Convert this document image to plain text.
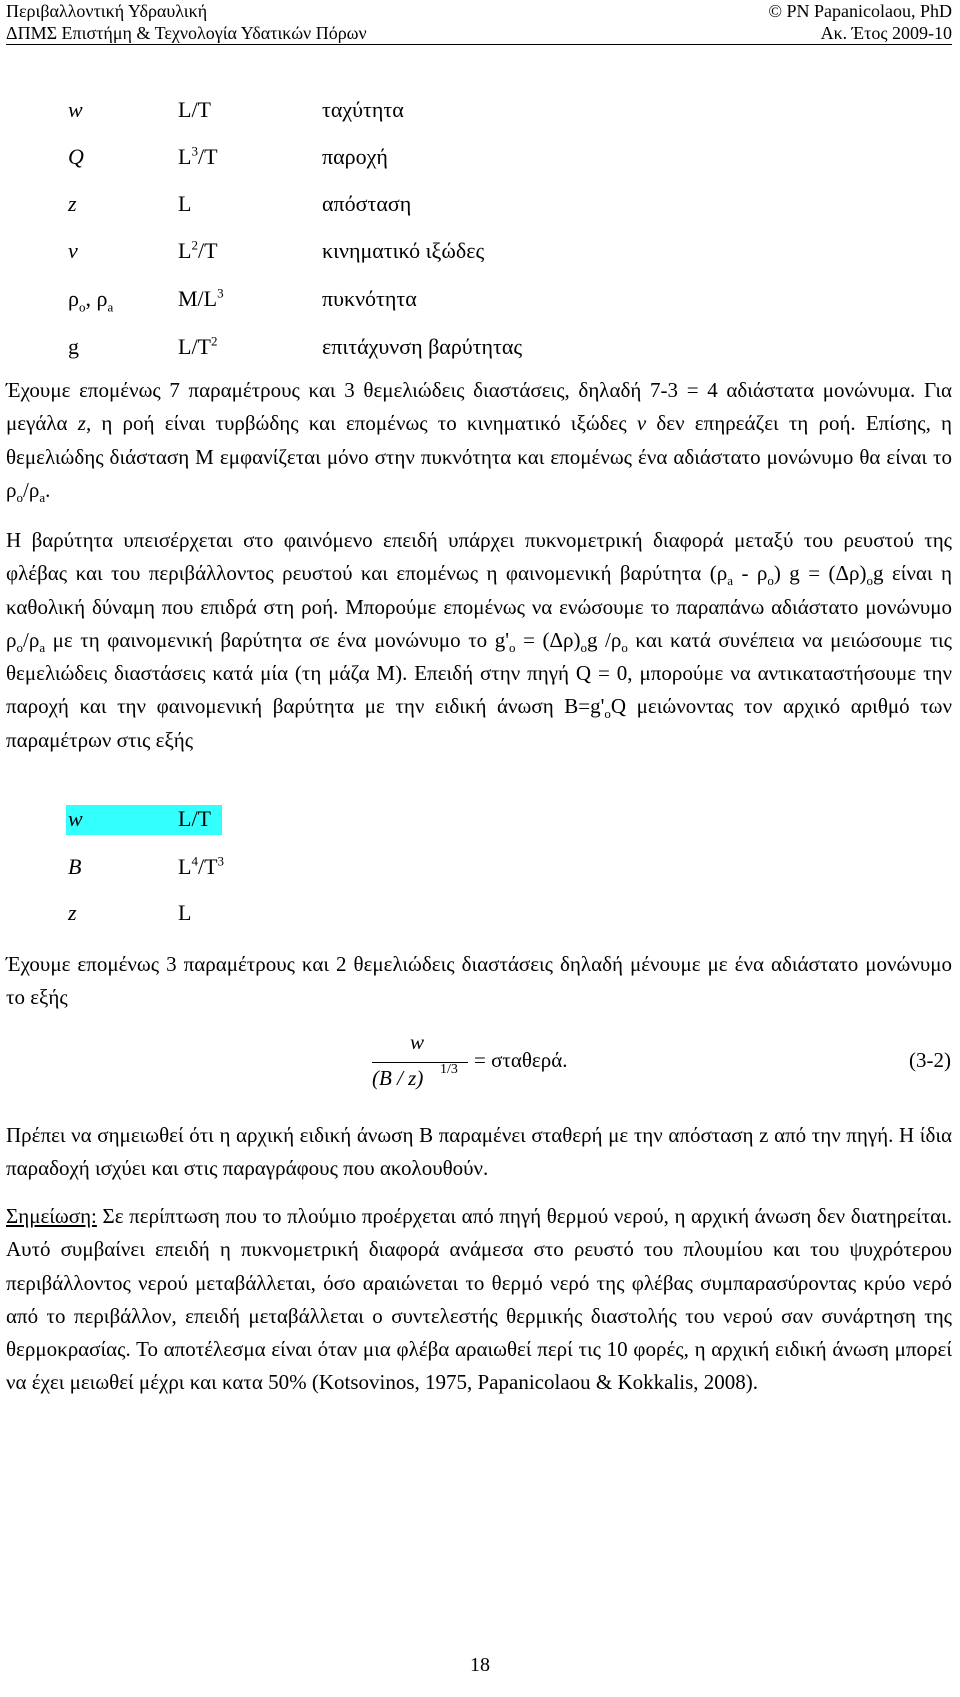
Περιβαλλοντική Υδραυλική
ΔΠΜΣ Επιστήμη & Τεχνολογία Υδατικών Πόρων
© PN Papanicolaou, PhD
Ακ. Έτος 2009-10
w	L/T	ταχύτητα
Q	$L^3/T$	παροχή
z	L	απόσταση
ν	$L^2/T$	κινηματικό ιξώδες
$\rho_o$, $\rho_a$	$M/L^3$	πυκνότητα
g	$L/T^2$	επιτάχυνση βαρύτητας

Έχουμε επομένως 7 παραμέτρους και 3 θεμελιώδεις διαστάσεις, δηλαδή 7-3 = 4 αδιάστατα μονώνυμα. Για μεγάλα z, η ροή είναι τυρβώδης και επομένως το κινηματικό ιξώδες ν δεν επηρεάζει τη ροή. Επίσης, η θεμελιώδης διάσταση Μ εμφανίζεται μόνο στην πυκνότητα και επομένως ένα αδιάστατο μονώνυμο θα είναι το $\rho_o/\rho_a$.

Η βαρύτητα υπεισέρχεται στο φαινόμενο επειδή υπάρχει πυκνομετρική διαφορά μεταξύ του ρευστού της φλέβας και του περιβάλλοντος ρευστού και επομένως η φαινομενική βαρύτητα $(\rho_a - \rho_o) g = (\Delta\rho)_og$ είναι η καθολική δύναμη που επιδρά στη ροή. Μπορούμε επομένως να ενώσουμε το παραπάνω αδιάστατο μονώνυμο $\rho_o/\rho_a$ με τη φαινομενική βαρύτητα σε ένα μονώνυμο το $g'_o = (\Delta\rho)_og$ $/\rho_o$ και κατά συνέπεια να μειώσουμε τις θεμελιώδεις διαστάσεις κατά μία (τη μάζα Μ). Επειδή στην πηγή Q = 0, μπορούμε να αντικαταστήσουμε την παροχή και την φαινομενική βαρύτητα με την ειδική άνωση $B=g'_oQ$ μειώνοντας τον αρχικό αριθμό των παραμέτρων στις εξής

w	L/T
B	$L^4/T^3$
z	L
Έχουμε επομένως 3 παραμέτρους και 2 θεμελιώδεις διαστάσεις δηλαδή μένουμε με ένα αδιάστατο μονώνυμο το εξής
w
(B / z) 1/3 = σταθερά.	(3-2)
Πρέπει να σημειωθεί ότι η αρχική ειδική άνωση Β παραμένει σταθερή με την απόσταση z από την πηγή. Η ίδια παραδοχή ισχύει και στις παραγράφους που ακολουθούν.

Σημείωση: Σε περίπτωση που το πλούμιο προέρχεται από πηγή θερμού νερού, η αρχική άνωση δεν διατηρείται. Αυτό συμβαίνει επειδή η πυκνομετρική διαφορά ανάμεσα στο ρευστό του πλουμίου και του ψυχρότερου περιβάλλοντος νερού μεταβάλλεται, όσο αραιώνεται το θερμό νερό της φλέβας συμπαρασύροντας κρύο νερό από το περιβάλλον, επειδή μεταβάλλεται ο συντελεστής θερμικής διαστολής του νερού σαν συνάρτηση της θερμοκρασίας. Το αποτέλεσμα είναι όταν μια φλέβα αραιωθεί περί τις 10 φορές, η αρχική ειδική άνωση μπορεί να έχει μειωθεί μέχρι και κατα 50% (Kotsovinos, 1975, Papanicolaou & Kokkalis, 2008).

18
